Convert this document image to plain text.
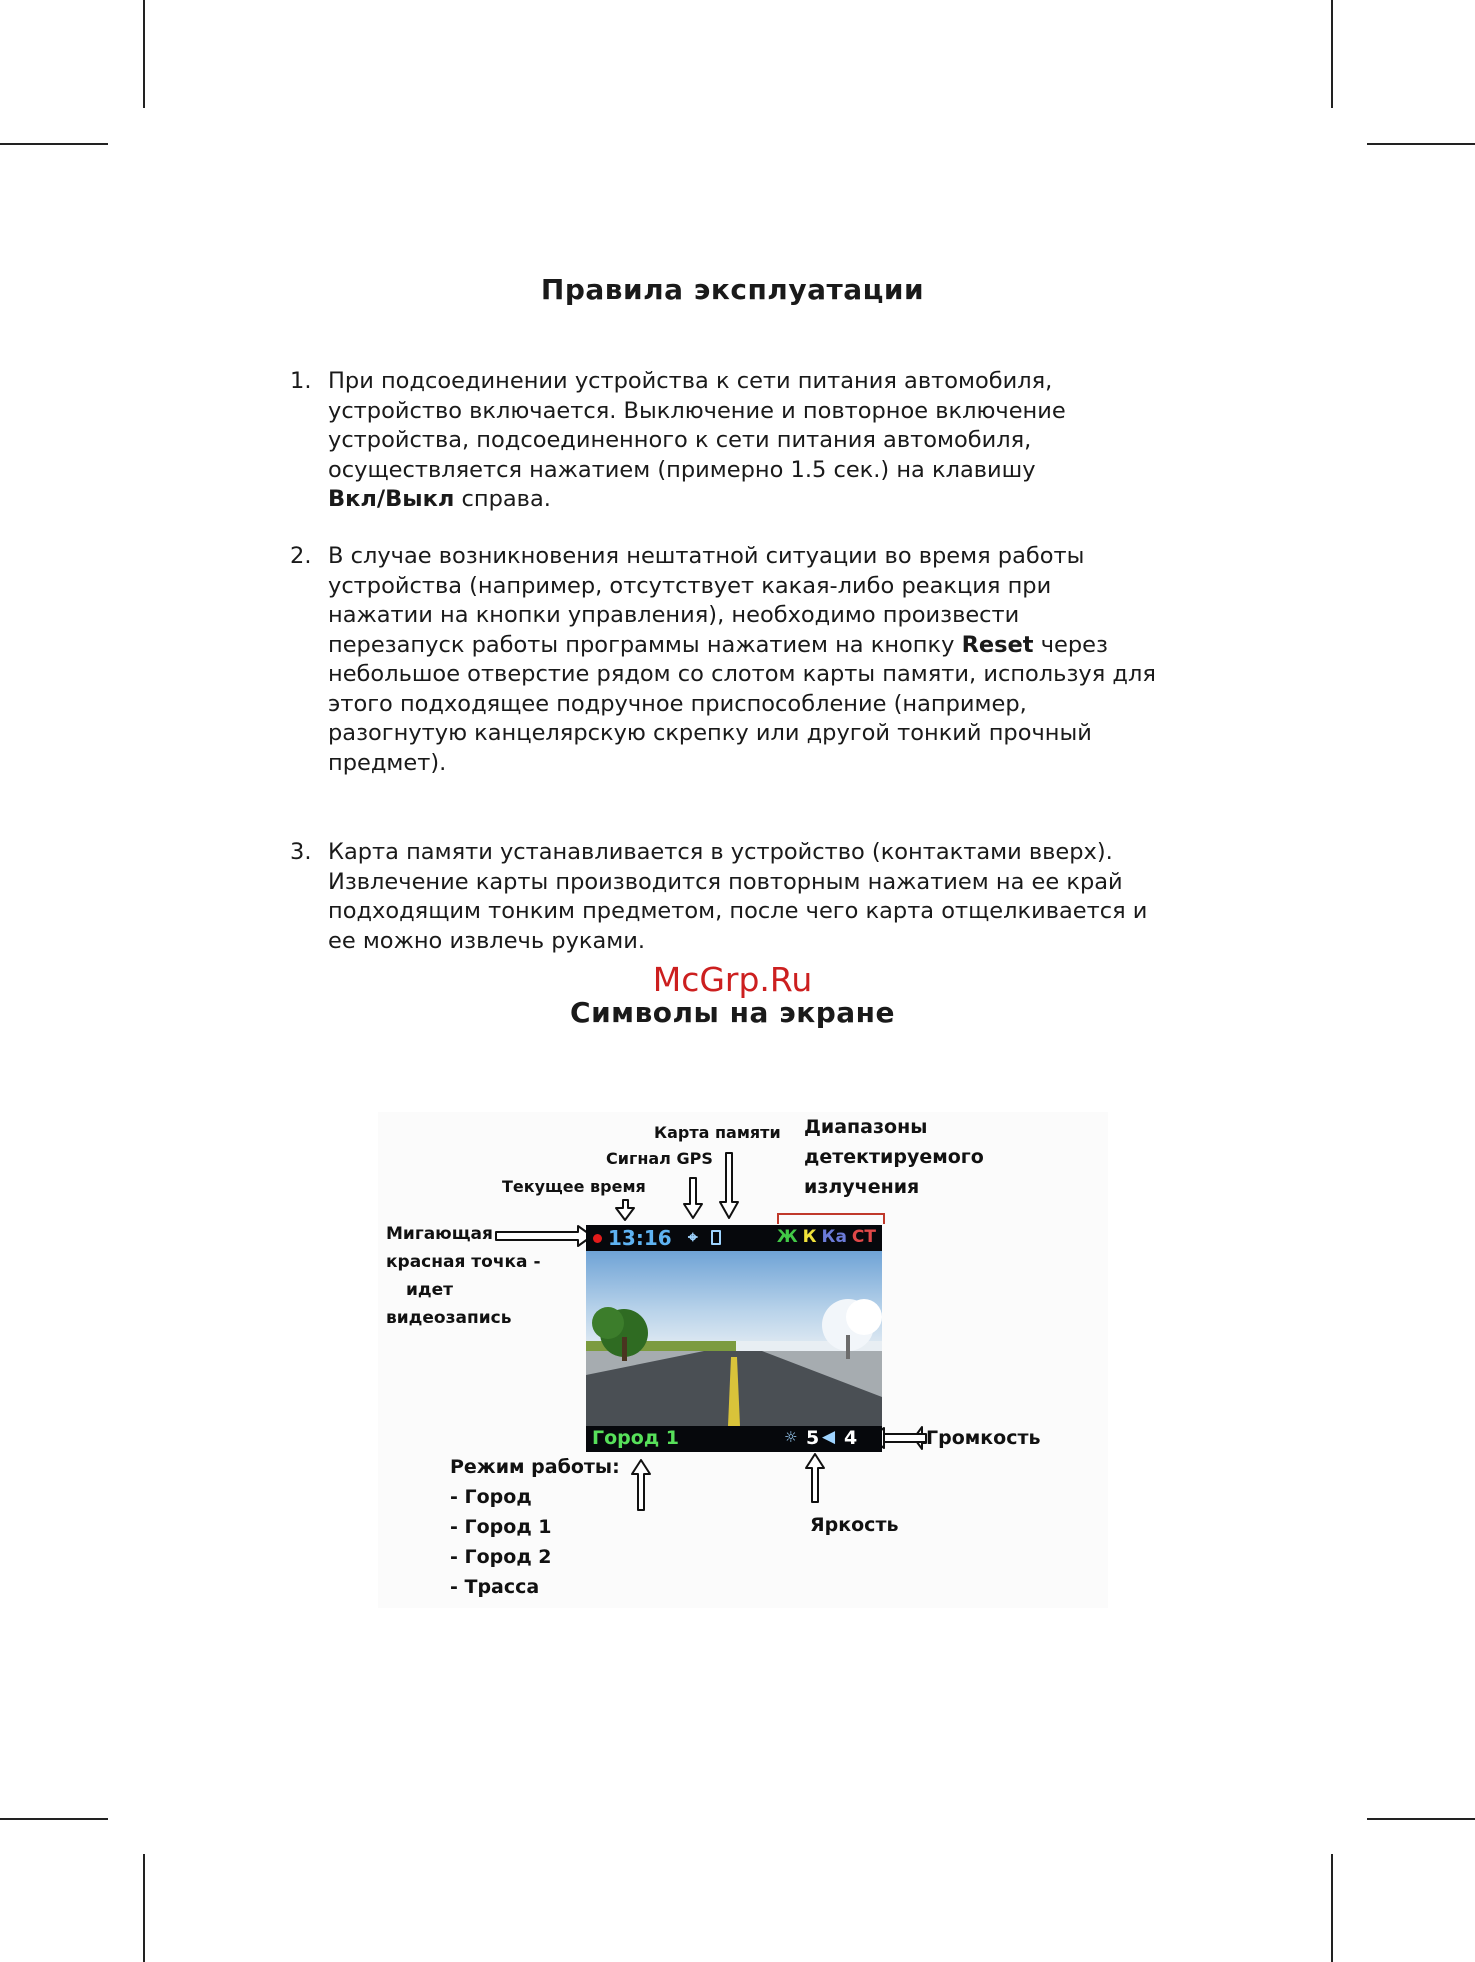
Правила эксплуатации
1. При подсоединении устройства к сети питания автомобиля,
устройство включается. Выключение и повторное включение
устройства, подсоединенного к сети питания автомобиля,
осуществляется нажатием (примерно 1.5 сек.) на клавишу
Вкл/Выкл справа.
2. В случае возникновения нештатной ситуации во время работы
устройства (например, отсутствует какая-либо реакция при
нажатии на кнопки управления), необходимо произвести
перезапуск работы программы нажатием на кнопку Reset через
небольшое отверстие рядом со слотом карты памяти, используя для
этого подходящее подручное приспособление (например,
разогнутую канцелярскую скрепку или другой тонкий прочный
предмет).
3. Карта памяти устанавливается в устройство (контактами вверх).
Извлечение карты производится повторным нажатием на ее край
подходящим тонким предметом, после чего карта отщелкивается и
ее можно извлечь руками.

McGrp.Ru

Символы на экране

Карта памяти

Сигнал GPS

Текущее время

Диапазоны
детектируемого
излучения
Мигающая
красная точка -
идет
видеозапись

Громкость

Яркость

Режим работы:
- Город
- Город 1
- Город 2
- Трасса
13:16 ⌖	Ж К Ка СТ
Город 1	☼ 5 ◀ 4
